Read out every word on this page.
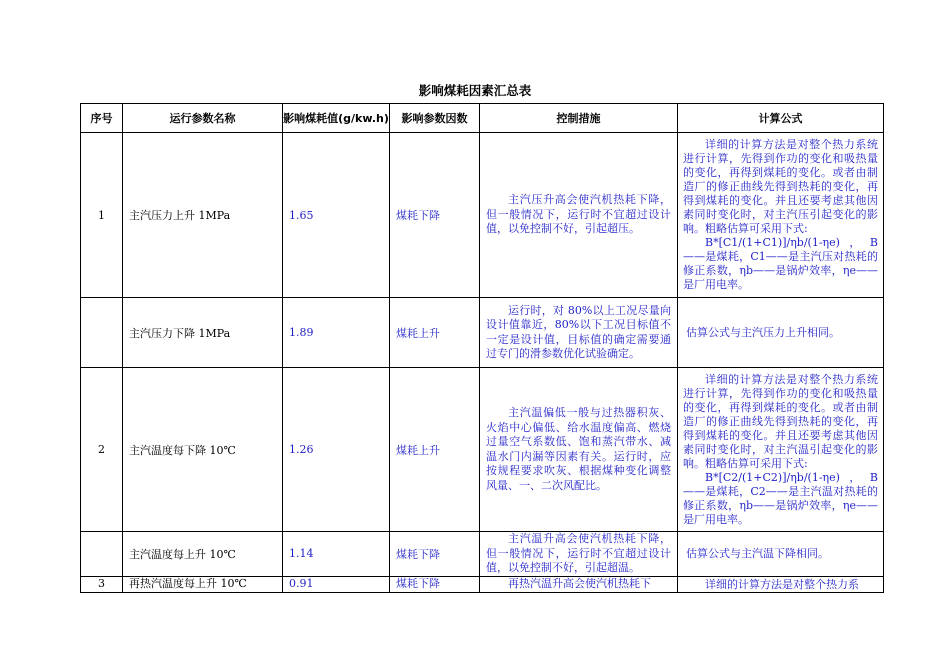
影响煤耗因素汇总表
序号	运行参数名称	影响煤耗值(g/kw.h)	影响参数因数	控制措施	计算公式
1	主汽压力上升 1MPa	1.65	煤耗下降	主汽压升高会使汽机热耗下降，但一般情况下，运行时不宜超过设计值，以免控制不好，引起超压。	详细的计算方法是对整个热力系统进行计算，先得到作功的变化和吸热量的变化，再得到煤耗的变化。或者由制造厂的修正曲线先得到热耗的变化，再得到煤耗的变化。并且还要考虑其他因素同时变化时，对主汽压引起变化的影响。粗略估算可采用下式:

B*[C1/(1+C1)]/ηb/(1-ηe)，B——是煤耗，C1——是主汽压对热耗的修正系数，ηb——是锅炉效率，ηe——是厂用电率。

	主汽压力下降 1MPa	1.89	煤耗上升	运行时，对 80%以上工况尽量向设计值靠近，80%以下工况目标值不一定是设计值，目标值的确定需要通过专门的滑参数优化试验确定。	估算公式与主汽压力上升相同。
2	主汽温度每下降 10℃	1.26	煤耗上升	主汽温偏低一般与过热器积灰、火焰中心偏低、给水温度偏高、燃烧过量空气系数低、饱和蒸汽带水、减温水门内漏等因素有关。运行时，应按规程要求吹灰、根据煤种变化调整风量、一、二次风配比。	详细的计算方法是对整个热力系统进行计算，先得到作功的变化和吸热量的变化，再得到煤耗的变化。或者由制造厂的修正曲线先得到热耗的变化，再得到煤耗的变化。并且还要考虑其他因素同时变化时，对主汽温引起变化的影响。粗略估算可采用下式:

B*[C2/(1+C2)]/ηb/(1-ηe)，B——是煤耗，C2——是主汽温对热耗的修正系数，ηb——是锅炉效率，ηe——是厂用电率。

	主汽温度每上升 10℃	1.14	煤耗下降	主汽温升高会使汽机热耗下降，但一般情况下，运行时不宜超过设计值，以免控制不好，引起超温。	估算公式与主汽温下降相同。
3	再热汽温度每上升 10℃	0.91	煤耗下降	再热汽温升高会使汽机热耗下	详细的计算方法是对整个热力系
